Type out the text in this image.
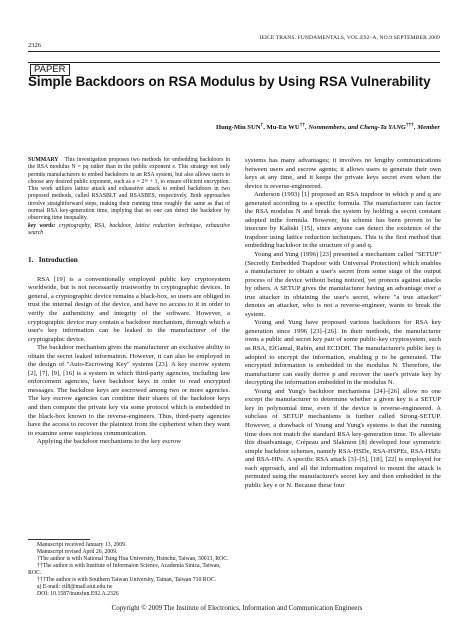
2326
IEICE TRANS. FUNDAMENTALS, VOL.E92–A, NO.9 SEPTEMBER 2009
PAPER
Simple Backdoors on RSA Modulus by Using RSA Vulnerability
Hung-Min SUN†, Mu-En WU††, Nonmembers, and Cheng-Ta YANG†††, Member
SUMMARY This investigation proposes two methods for embedding backdoors in the RSA modulus N = pq rather than in the public exponent e. This strategy not only permits manufacturers to embed backdoors in an RSA system, but also allows users to choose any desired public exponent, such as e = 2¹⁶ + 1, to ensure efficient encryption. This work utilizes lattice attack and exhaustive attack to embed backdoors in two proposed methods, called RSASBLT and RSASBES, respectively. Both approaches involve straightforward steps, making their running time roughly the same as that of normal RSA key-generation time, implying that no one can detect the backdoor by observing time inequality.
key words: cryptography, RSA, backdoor, lattice reduction technique, exhaustive search
1. Introduction

RSA [19] is a conventionally employed public key cryptosystem worldwide, but is not necessarily trustworthy in cryptographic devices. In general, a cryptographic device remains a black-box, so users are obliged to trust the internal design of the device, and have no access to it in order to verify the authenticity and integrity of the software. However, a cryptographic device may contain a backdoor mechanism, through which a user's key information can be leaked to the manufacturer of the cryptographic device.

The backdoor mechanism gives the manufacturer an exclusive ability to obtain the secret leaked information. However, it can also be employed in the design of "Auto-Escrowing Key" systems [23]. A key escrow system [2], [7], [9], [16] is a system in which third-party agencies, including law enforcement agencies, have backdoor keys in order to read encrypted messages. The backdoor keys are escrowed among two or more agencies. The key escrow agencies can combine their shares of the backdoor keys and then compute the private key via some protocol which is embedded in the black-box known to the reverse-engineers. Thus, third-party agencies have the access to recover the plaintext from the ciphertext when they want to examine some suspicious communication.

Applying the backdoor mechanisms to the key escrow

Manuscript received January 13, 2009.

Manuscript revised April 26, 2009.

†The author is with National Tsing Hua University, Hsinchu, Taiwan, 30013, ROC.

††The author is with Institute of Informaion Science, Academia Sinica, Taiwan, ROC.

†††The author is with Southern Taiwan University, Tainan, Taiwan 710 ROC.

a) E-mail: ctl8@mail.stut.edu.tw

DOI: 10.1587/transfun.E92.A.2326

systems has many advantages; it involves no lengthy communications between users and escrow agents; it allows users to generate their own keys at any time, and it keeps the private keys secret even when the device is reverse-engineered.

Anderson (1993) [1] proposed an RSA trapdoor in which p and q are generated according to a specific formula. The manufacturer can factor the RSA modulus N and break the system by holding a secret constant adopted inthe formula. However, his scheme has been proven to be insecure by Kaliski [15], since anyone can detect the existence of the trapdoor using lattice reduction techniques. This is the first method that embedding backdoor in the structure of p and q.

Young and Yung (1996) [23] presented a mechanism called "SETUP" (Secretly Embedded Trapdoor with Universal Protection) which enables a manufacturer to obtain a user's secret from some stage of the output process of the device without being noticed, yet protects against attacks by others. A SETUP gives the manufacturer having an advantage over a true attacker in obtaining the user's secret, where "a true attacker" denotes an attacker, who is not a reverse-engineer, wants to break the system.

Young and Yung have proposed various backdoors for RSA key generation since 1996 [23]–[26]. In their methods, the manufacturer owns a public and secret key pair of some public-key cryptosystem, such as RSA, ElGamal, Rabin, and ECDDH. The manufacturer's public key is adopted to encrypt the information, enabling p to be generated. The encrypted information is embedded in the modulus N. Therefore, the manufacturer can easily derive p and recover the user's private key by decrypting the information embedded in the modulus N.

Young and Yung's backdoor mechanisms [24]–[26] allow no one except the manufacturer to determine whether a given key is a SETUP key in polynomial time, even if the device is reverse-engineered. A subclass of SETUP mechanisms is further called Strong-SETUP. However, a drawback of Young and Yung's systems is that the running time does not match the standard RSA key-generation time. To alleviate this disadvantage, Crépeau and Slakmon [8] developed four symmetric simple backdoor schemes, namely RSA-HSDε, RSA-HSPEε, RSA-HSEε and RSA-HPε. A specific RSA attack [3]–[5], [18], [22] is employed for each approach, and all the information required to mount the attack is permuted using the manufacturer's secret key and then embedded in the public key e or N. Because these four

Copyright © 2009 The Institute of Electronics, Information and Communication Engineers
